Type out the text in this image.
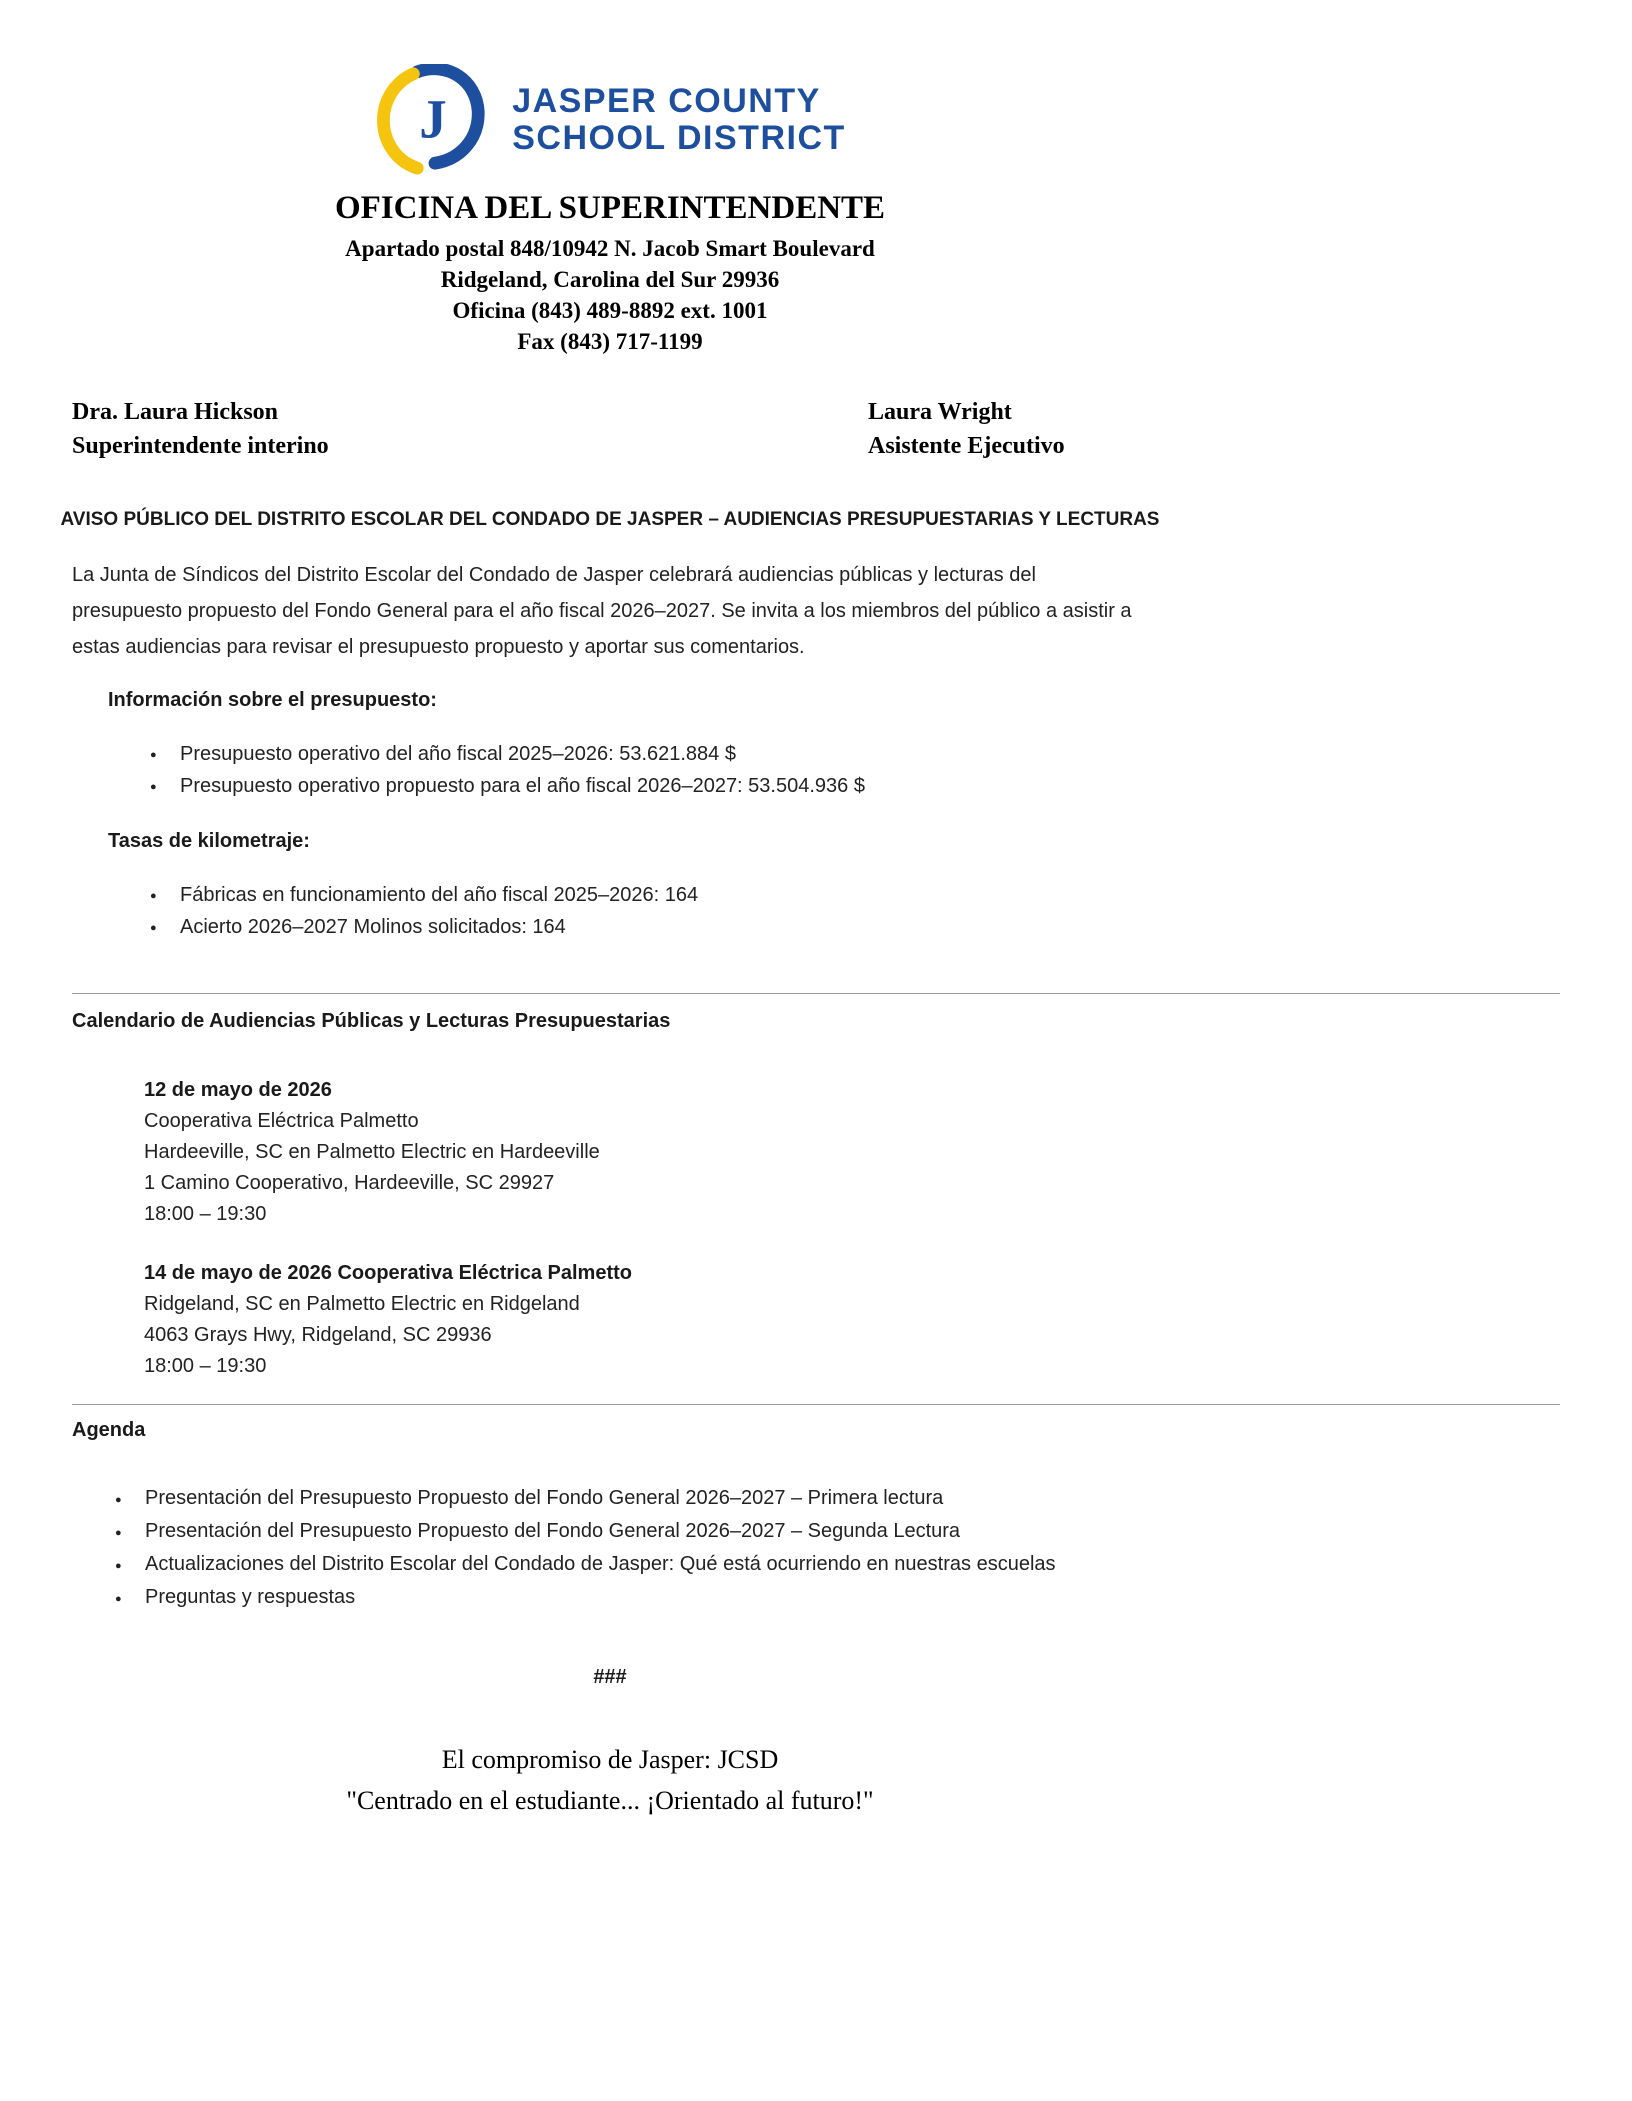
J JASPER COUNTY
SCHOOL DISTRICT
OFICINA DEL SUPERINTENDENTE
Apartado postal 848/10942 N. Jacob Smart Boulevard
Ridgeland, Carolina del Sur 29936
Oficina (843) 489-8892 ext. 1001
Fax (843) 717-1199
Dra. Laura Hickson
Superintendente interino
Laura Wright
Asistente Ejecutivo
AVISO PÚBLICO DEL DISTRITO ESCOLAR DEL CONDADO DE JASPER – AUDIENCIAS PRESUPUESTARIAS Y LECTURAS

La Junta de Síndicos del Distrito Escolar del Condado de Jasper celebrará audiencias públicas y lecturas del presupuesto propuesto del Fondo General para el año fiscal 2026–2027. Se invita a los miembros del público a asistir a estas audiencias para revisar el presupuesto propuesto y aportar sus comentarios.

Información sobre el presupuesto:
● Presupuesto operativo del año fiscal 2025–2026: 53.621.884 $
● Presupuesto operativo propuesto para el año fiscal 2026–2027: 53.504.936 $
Tasas de kilometraje:
● Fábricas en funcionamiento del año fiscal 2025–2026: 164
● Acierto 2026–2027 Molinos solicitados: 164
Calendario de Audiencias Públicas y Lecturas Presupuestarias
12 de mayo de 2026
Cooperativa Eléctrica Palmetto
Hardeeville, SC en Palmetto Electric en Hardeeville
1 Camino Cooperativo, Hardeeville, SC 29927
18:00 – 19:30
14 de mayo de 2026 Cooperativa Eléctrica Palmetto
Ridgeland, SC en Palmetto Electric en Ridgeland
4063 Grays Hwy, Ridgeland, SC 29936
18:00 – 19:30
Agenda
● Presentación del Presupuesto Propuesto del Fondo General 2026–2027 – Primera lectura
● Presentación del Presupuesto Propuesto del Fondo General 2026–2027 – Segunda Lectura
● Actualizaciones del Distrito Escolar del Condado de Jasper: Qué está ocurriendo en nuestras escuelas
● Preguntas y respuestas
###
El compromiso de Jasper: JCSD
"Centrado en el estudiante... ¡Orientado al futuro!"
